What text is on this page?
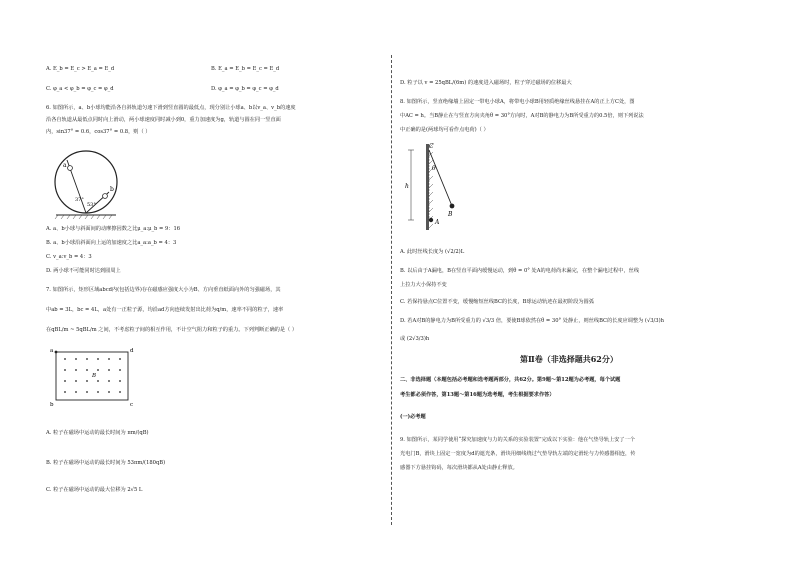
A. E_b = E_c > E_a = E_d	B. E_a = E_b = E_c = E_d
C. φ_a < φ_b = φ_c = φ_d	D. φ_a = φ_b = φ_c = φ_d
6. 如图所示，a、b小球均能沿各自斜轨道匀速下滑到竖直圆的最低点，现分别让小球a、b以v_a、v_b的速度
沿各自轨道从最低点同时向上滑动，两小球速度同时减小到0，重力加速度为g，轨道与圆在同一竖直面
内，sin37° = 0.6，cos37° = 0.8，则（ ）
a
b
37°
53°
A. a、b小球与斜面间的动摩擦因数之比μ_a:μ_b = 9：16
B. a、b小球沿斜面向上运的加速度之比a_a:a_b = 4：3
C. v_a:v_b = 4：3
D. 两小球不可能同时达到圆周上
7. 如图所示，矩形区域abcd内(包括边界)存在磁感应强度大小为B、方向垂直纸面向外的匀强磁场，其
中ab = 3L，bc = 4L，a处有一正粒子源，均沿ad方向连续发射出比荷为q/m，速率不同的粒子，速率
在qBL/m ~ 5qBL/m 之间，不考虑粒子间的相互作用，不计空气阻力和粒子的重力。下列判断正确的是（ ）
a
b	c
d
B
A. 粒子在磁场中运动的最长时间为 πm/(qB)
B. 粒子在磁场中运动的最长时间为 53πm/(180qB)
C. 粒子在磁场中运动的最大位移为 2√5 L
D. 粒子以 v = 25qBL/(6m) 的速度进入磁场时，粒子穿过磁场的位移最大
8. 如图所示，竖直绝缘墙上固定一带电小球A，将带电小球B用轻质绝缘丝线悬挂在A的正上方C处，图
中AC = h。当B静止在与竖直方向夹角θ = 30°方向时，A对B的静电力为B所受重力的0.5倍，则下列说法
中正确的是(两球均可看作点电荷)（ ）
C
θ
h
A
B
A. 此时丝线长度为 (√2/2)L
B. 以后由于A漏电，B在竖直平面内缓慢运动，到θ = 0° 处A的电荷尚未漏完，在整个漏电过程中，丝线
上拉力大小保持不变
C. 若保持悬点C位置不变，缓慢缩短丝线BC的长度，B球运动轨迹在最初阶段为圆弧
D. 若A对B的静电力为B所受重力的 √3/3 倍，要使B球依然在θ = 30° 处静止，则丝线BC的长度应调整为 (√3/3)h
或 (2√3/3)h
第Ⅱ卷（非选择题共62分）
二、非选择题（本题包括必考题和选考题两部分，共62分。第9题～第12题为必考题，每个试题
考生都必须作答，第13题～第16题为选考题，考生根据要求作答）
(一)必考题
9. 如图所示，某同学使用“探究加速度与力的关系的实验装置”完成以下实验：他在气垫导轨上安了一个
光电门B，滑块上固定一宽度为d的遮光条，滑块用细线绕过气垫导轨左端的定滑轮与力传感器相连，传
感器下方悬挂钩码，每次滑块都从A处由静止释放。
